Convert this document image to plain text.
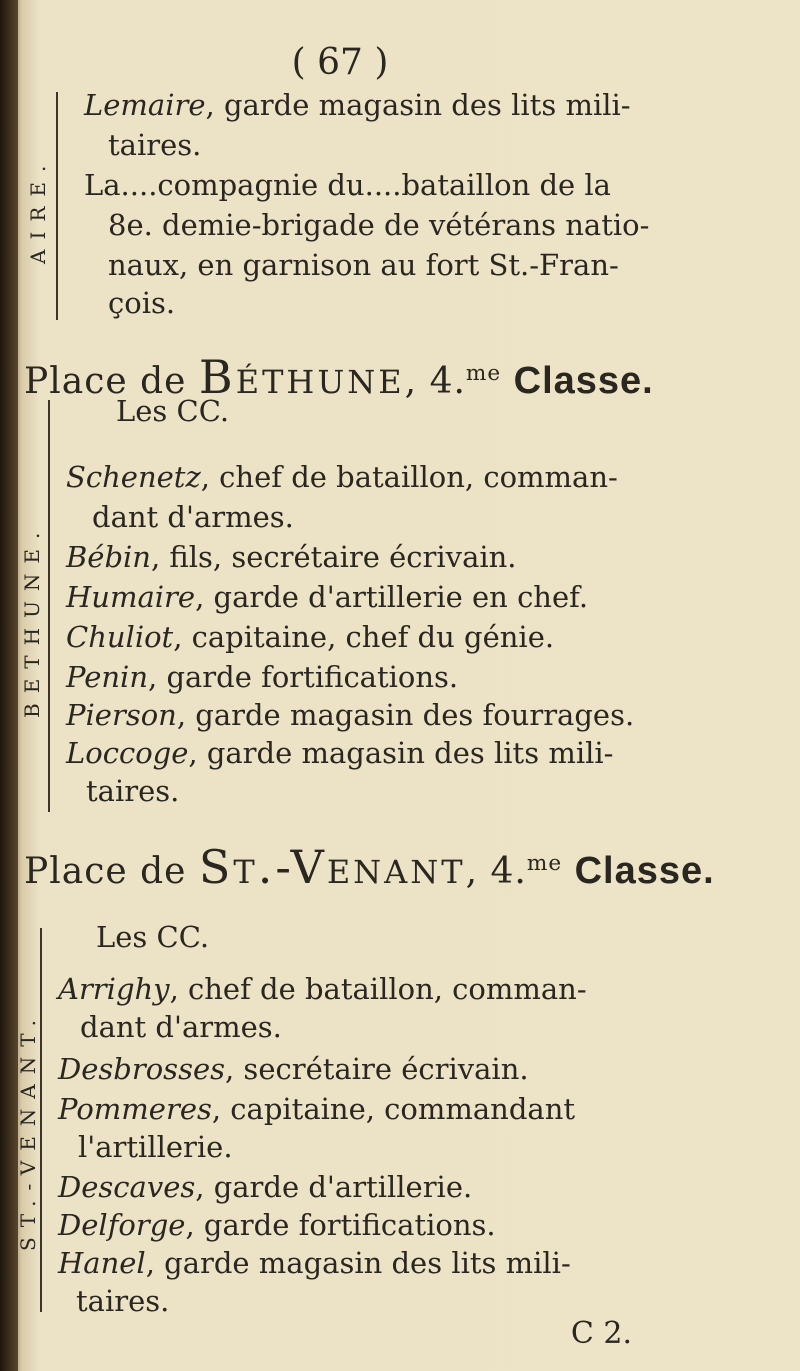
( 67 )
AIRE.
Lemaire, garde magasin des lits mili-
taires.
La....compagnie du....bataillon de la
8e. demie-brigade de vétérans natio-
naux, en garnison au fort St.-Fran-
çois.
Place de Béthune, 4.$^{me}$ Classe.
BETHUNE.
Les CC.
Schenetz, chef de bataillon, comman-
dant d'armes.
Bébin, fils, secrétaire écrivain.
Humaire, garde d'artillerie en chef.
Chuliot, capitaine, chef du génie.
Penin, garde fortifications.
Pierson, garde magasin des fourrages.
Loccoge, garde magasin des lits mili-
taires.
Place de St.-Venant, 4.$^{me}$ Classe.
ST.-VENANT.
Les CC.
Arrighy, chef de bataillon, comman-
dant d'armes.
Desbrosses, secrétaire écrivain.
Pommeres, capitaine, commandant
l'artillerie.
Descaves, garde d'artillerie.
Delforge, garde fortifications.
Hanel, garde magasin des lits mili-
taires.
C 2.
